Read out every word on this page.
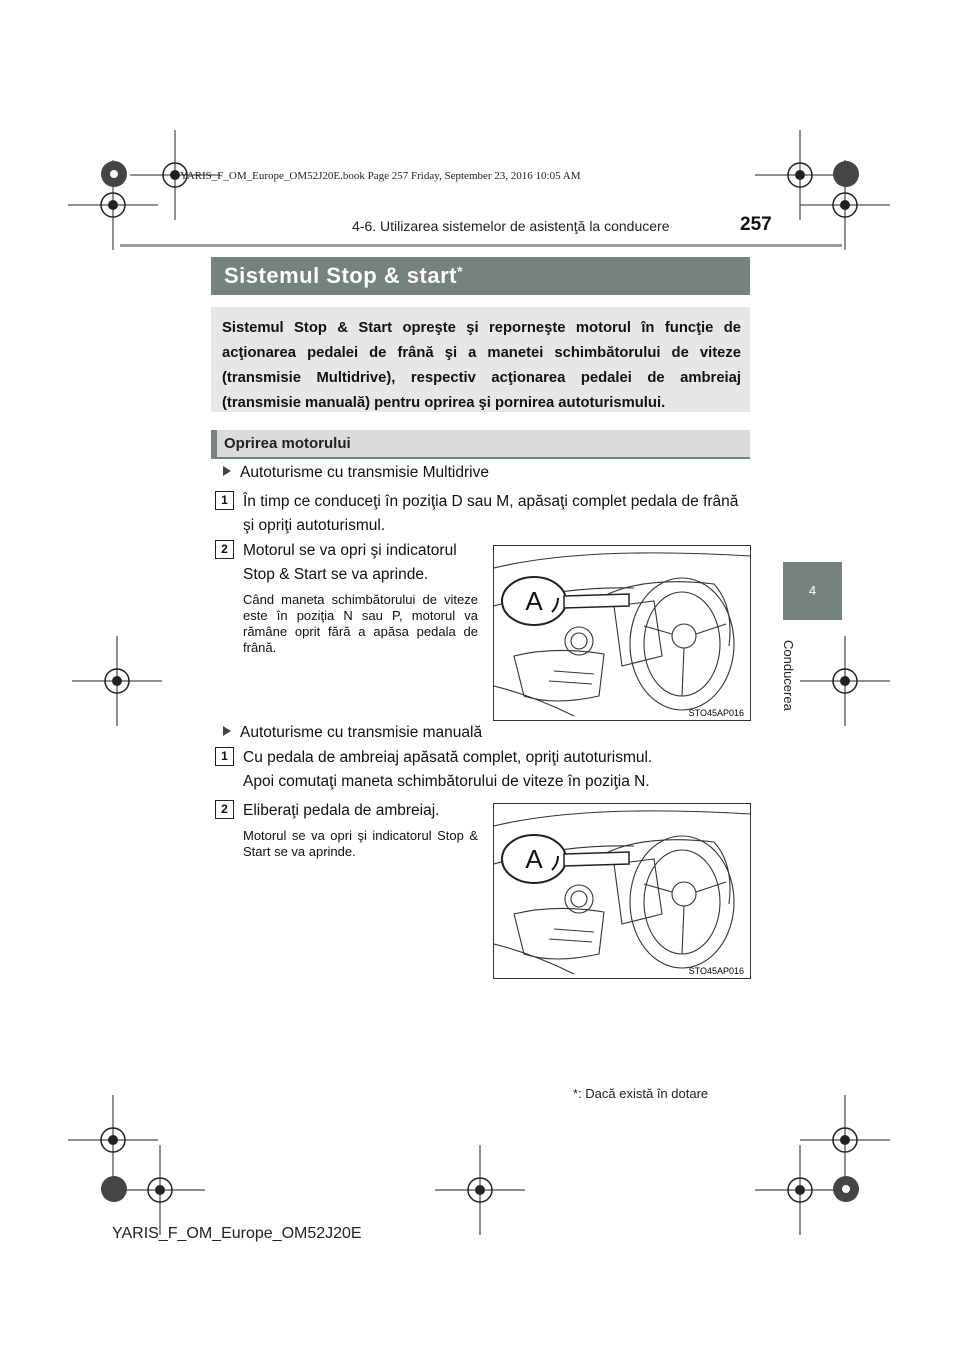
YARIS_F_OM_Europe_OM52J20E.book Page 257 Friday, September 23, 2016 10:05 AM
4-6. Utilizarea sistemelor de asistenţă la conducere	257
4
Conducerea
Sistemul Stop & start*

Sistemul Stop & Start opreşte şi reporneşte motorul în funcţie de acţionarea pedalei de frână şi a manetei schimbătorului de viteze (transmisie Multidrive), respectiv acţionarea pedalei de ambreiaj (transmisie manuală) pentru oprirea şi pornirea autoturismului.

Oprirea motorului
Autoturisme cu transmisie Multidrive
1 În timp ce conduceţi în poziţia D sau M, apăsaţi complet pedala de frână şi opriţi autoturismul.
2 Motorul se va opri şi indicatorul Stop & Start se va aprinde.
Când maneta schimbătorului de viteze este în poziţia N sau P, motorul va rămâne oprit fără a apăsa pedala de frână.
A
STO45AP016
Autoturisme cu transmisie manuală
1 Cu pedala de ambreiaj apăsată complet, opriţi autoturismul.
Apoi comutaţi maneta schimbătorului de viteze în poziţia N.
2 Eliberaţi pedala de ambreiaj.
Motorul se va opri şi indicatorul Stop & Start se va aprinde.	A
STO45AP016
*: Dacă există în dotare
YARIS_F_OM_Europe_OM52J20E
